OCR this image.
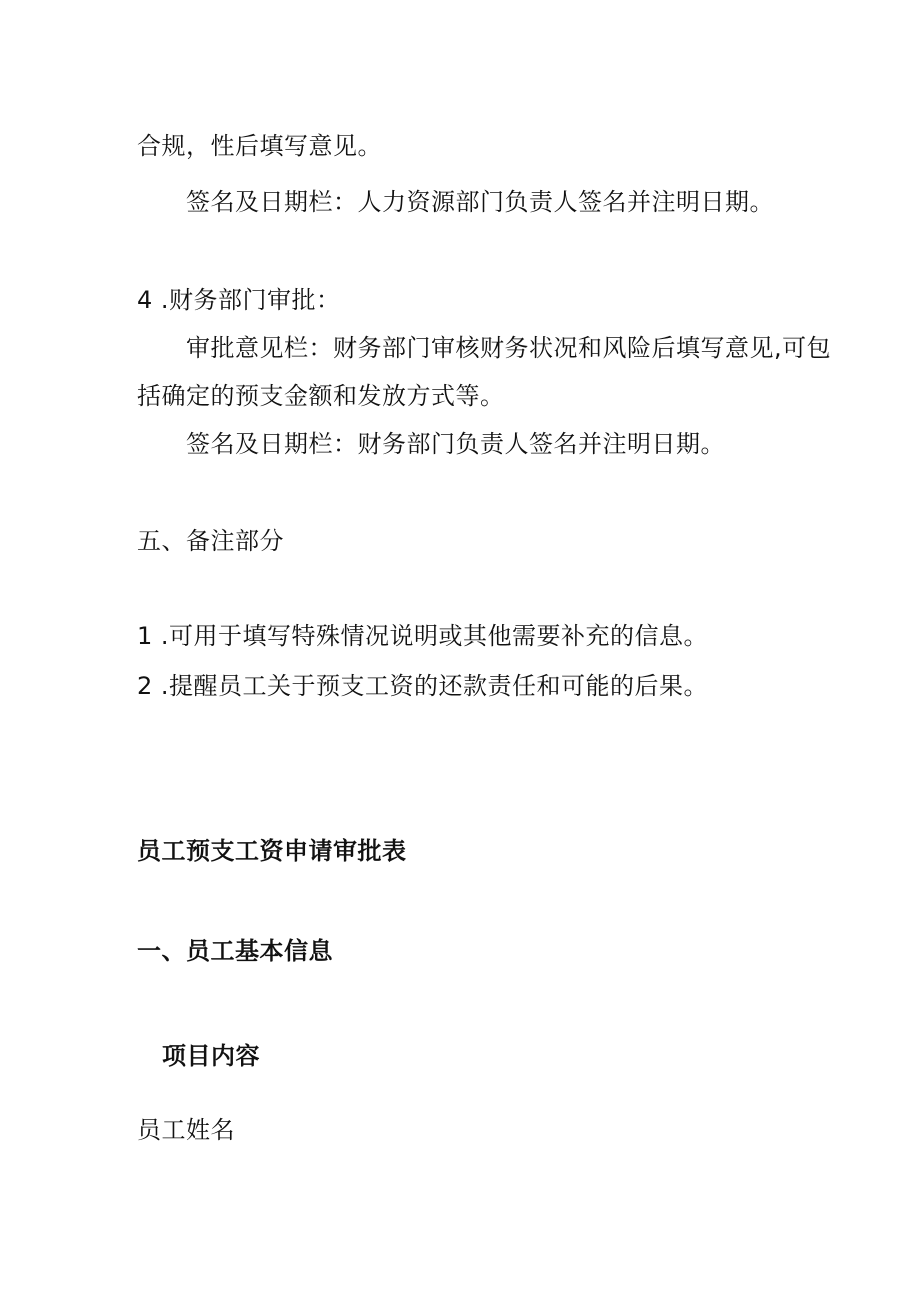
合规，性后填写意见。
签名及日期栏：人力资源部门负责人签名并注明日期。
4 .财务部门审批：
审批意见栏：财务部门审核财务状况和风险后填写意见,可包
括确定的预支金额和发放方式等。
签名及日期栏：财务部门负责人签名并注明日期。
五、备注部分
1 .可用于填写特殊情况说明或其他需要补充的信息。
2 .提醒员工关于预支工资的还款责任和可能的后果。
员工预支工资申请审批表
一、员工基本信息
项目内容
员工姓名
